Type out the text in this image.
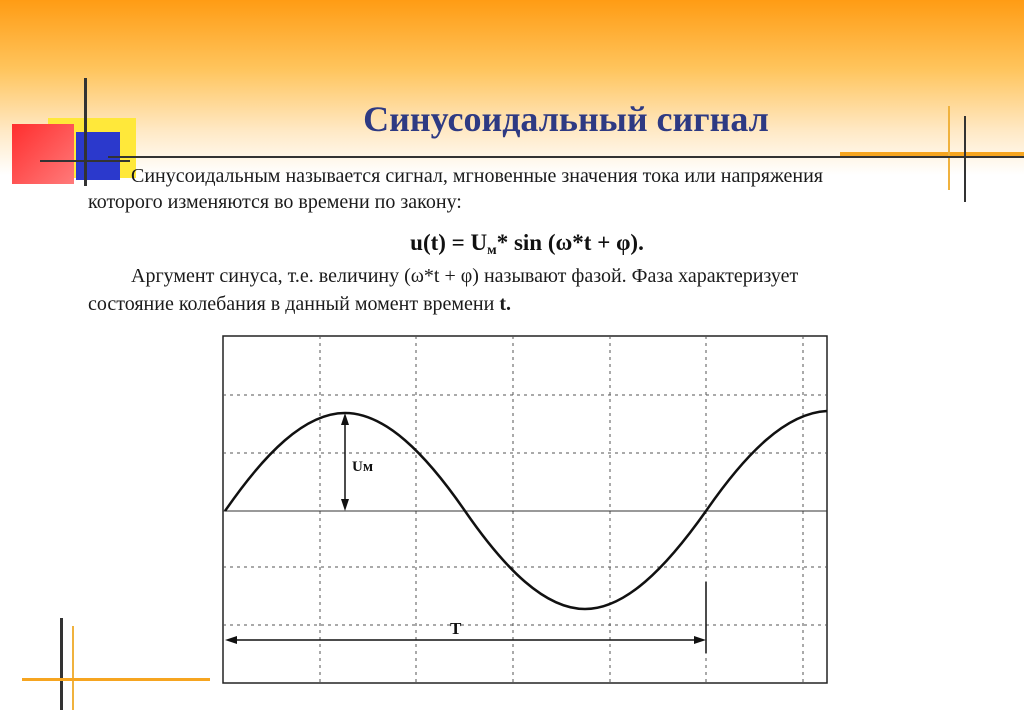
Синусоидальный сигнал
Синусоидальным называется сигнал, мгновенные значения тока или напряжения
которого изменяются во времени по закону:
$u(t) = U_м*$ sin (ω*t + φ).
Аргумент синуса, т.е. величину (ω*t + φ) называют фазой. Фаза характеризует
состояние колебания в данный момент времени t.
Uм
T
